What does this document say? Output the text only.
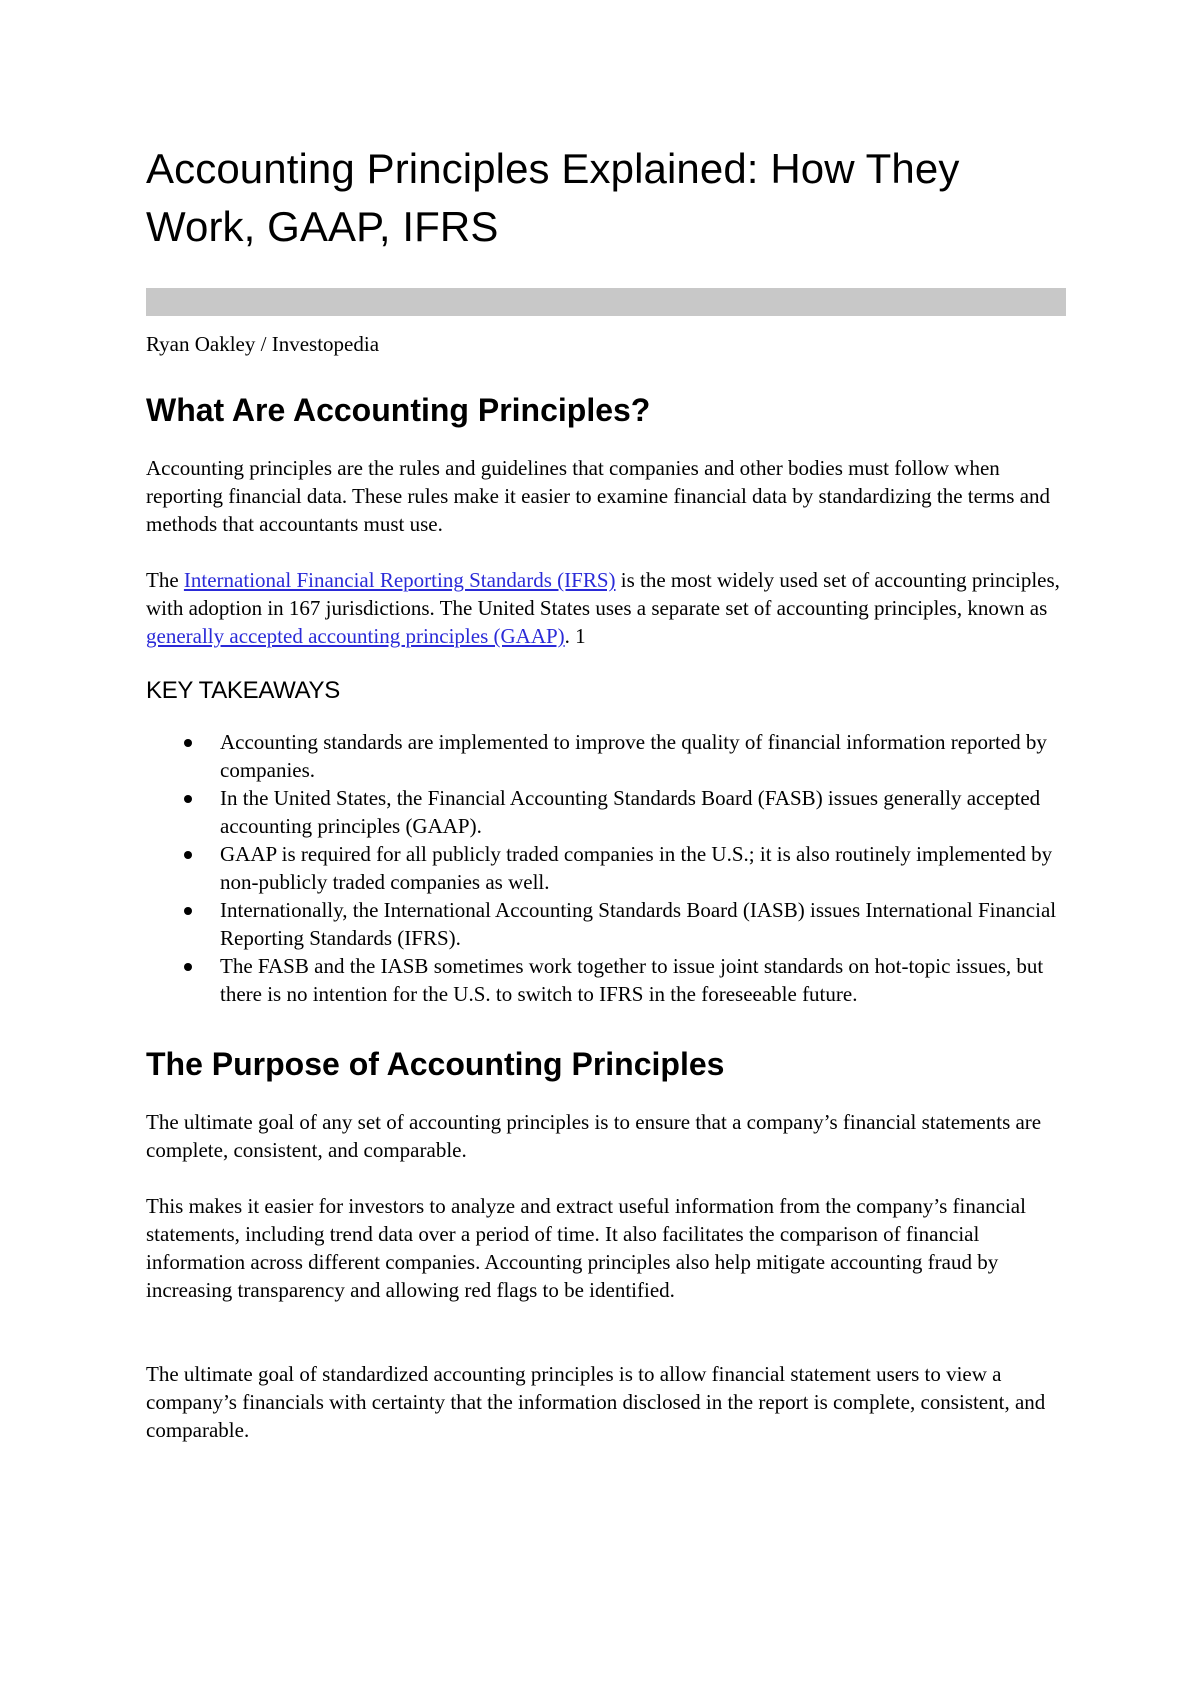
Accounting Principles Explained: How They Work, GAAP, IFRS
Ryan Oakley / Investopedia
What Are Accounting Principles?

Accounting principles are the rules and guidelines that companies and other bodies must follow when reporting financial data. These rules make it easier to examine financial data by standardizing the terms and methods that accountants must use.

The International Financial Reporting Standards (IFRS) is the most widely used set of accounting principles, with adoption in 167 jurisdictions. The United States uses a separate set of accounting principles, known as generally accepted accounting principles (GAAP). 1

KEY TAKEAWAYS
Accounting standards are implemented to improve the quality of financial information reported by companies.
In the United States, the Financial Accounting Standards Board (FASB) issues generally accepted accounting principles (GAAP).
GAAP is required for all publicly traded companies in the U.S.; it is also routinely implemented by non-publicly traded companies as well.
Internationally, the International Accounting Standards Board (IASB) issues International Financial Reporting Standards (IFRS).
The FASB and the IASB sometimes work together to issue joint standards on hot-topic issues, but there is no intention for the U.S. to switch to IFRS in the foreseeable future.
The Purpose of Accounting Principles

The ultimate goal of any set of accounting principles is to ensure that a company’s financial statements are complete, consistent, and comparable.

This makes it easier for investors to analyze and extract useful information from the company’s financial statements, including trend data over a period of time. It also facilitates the comparison of financial information across different companies. Accounting principles also help mitigate accounting fraud by increasing transparency and allowing red flags to be identified.

The ultimate goal of standardized accounting principles is to allow financial statement users to view a company’s financials with certainty that the information disclosed in the report is complete, consistent, and comparable.
